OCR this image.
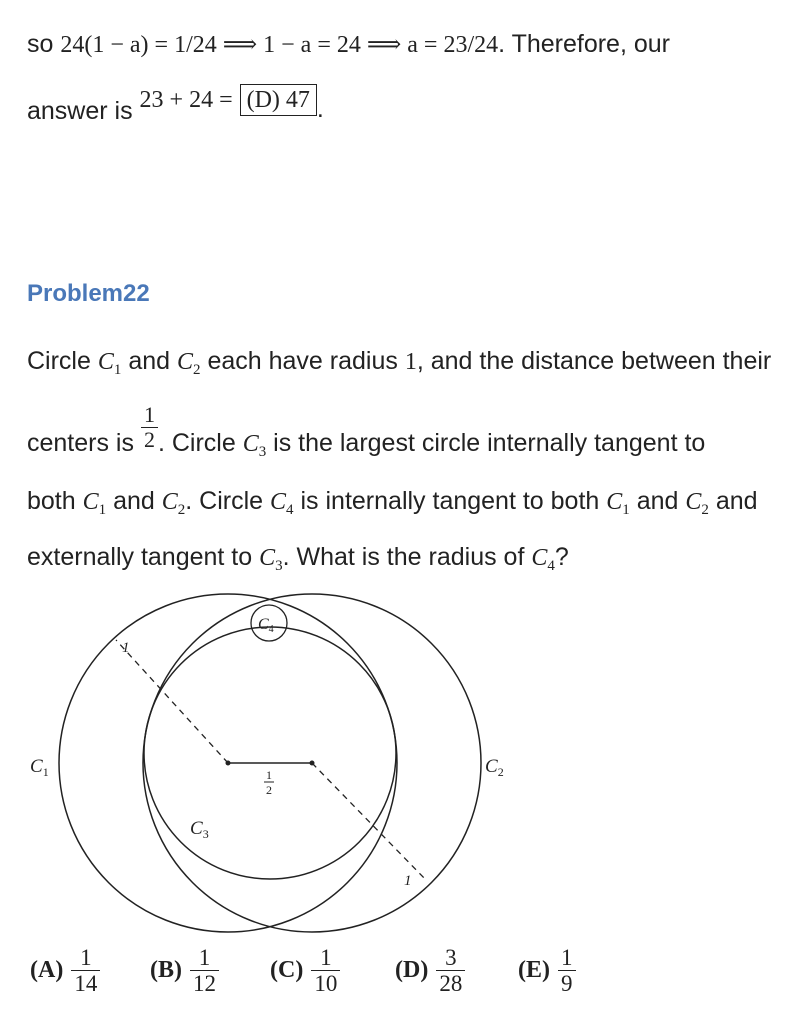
so 24(1 − a) = 1/24 ⟹ 1 − a = 24 ⟹ a = 23/24. Therefore, our
answer is 23 + 24 = (D) 47 .
Problem22
Circle $C_1$ and $C_2$ each have radius 1, and the distance between their
centers is $\frac{1}{2}$ . Circle $C_3$ is the largest circle internally tangent to
both $C_1$ and $C_2$. Circle $C_4$ is internally tangent to both $C_1$ and $C_2$ and
externally tangent to $C_3$. What is the radius of $C_4$?
$C_1$	$C_2$
$C_3$
C4
1
1
1
2
$(A) \frac{1}{14} (B) \frac{1}{12} (C) \frac{1}{10} (D) \frac{3}{28} (E) \frac{1}{9}$
